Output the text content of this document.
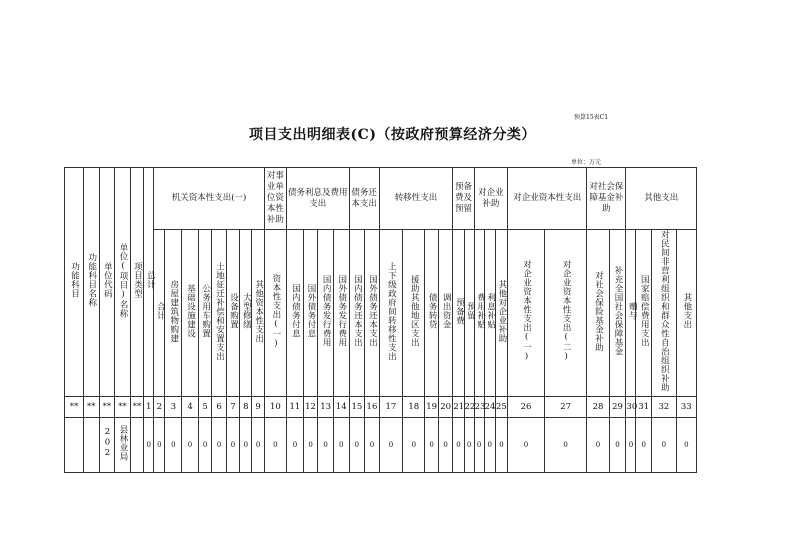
预算15表C1
项目支出明细表(C)（按政府预算经济分类）
单位：万元
功能科目	功能科目名称	单位代码	单位(项目)名称	项目类型	总计	机关资本性支出(一)								对事业单位资本性补助	债务利息及费用支出				债务还本支出		转移性支出				预备费及预留		对企业补助			对企业资本性支出		对社会保障基金补助		其他支出			
						合计	房屋建筑物购建	基础设施建设	公务用车购置	土地征迁补偿和安置支出	设备购置	大型修缮	其他资本性支出	资本性支出(一)	国内债务付息	国外债务付息	国内债务发行费用	国外债务发行费用	国内债务还本支出	国外债务还本支出	上下级政府间转移性支出	援助其他地区支出	债务转贷	调出资金	预备费	预留	费用补贴	利息补贴	其他对企业补助	对企业资本性支出(一)	对企业资本性支出(二)	对社会保险基金补助	补充全国社会保障基金	赠与	国家赔偿费用支出	对民间非营利组织和群众性自治组织补助	其他支出
**	**	**	**	**	1	2	3	4	5	6	7	8	9	10	11	12	13	14	15	16	17	18	19	20	21	22	23	24	25	26	27	28	29	30	31	32	33
		202	县林业局		0	0	0	0	0	0	0	0	0	0	0	0	0	0	0	0	0	0	0	0	0	0	0	0	0	0	0	0	0	0	0	0	0
